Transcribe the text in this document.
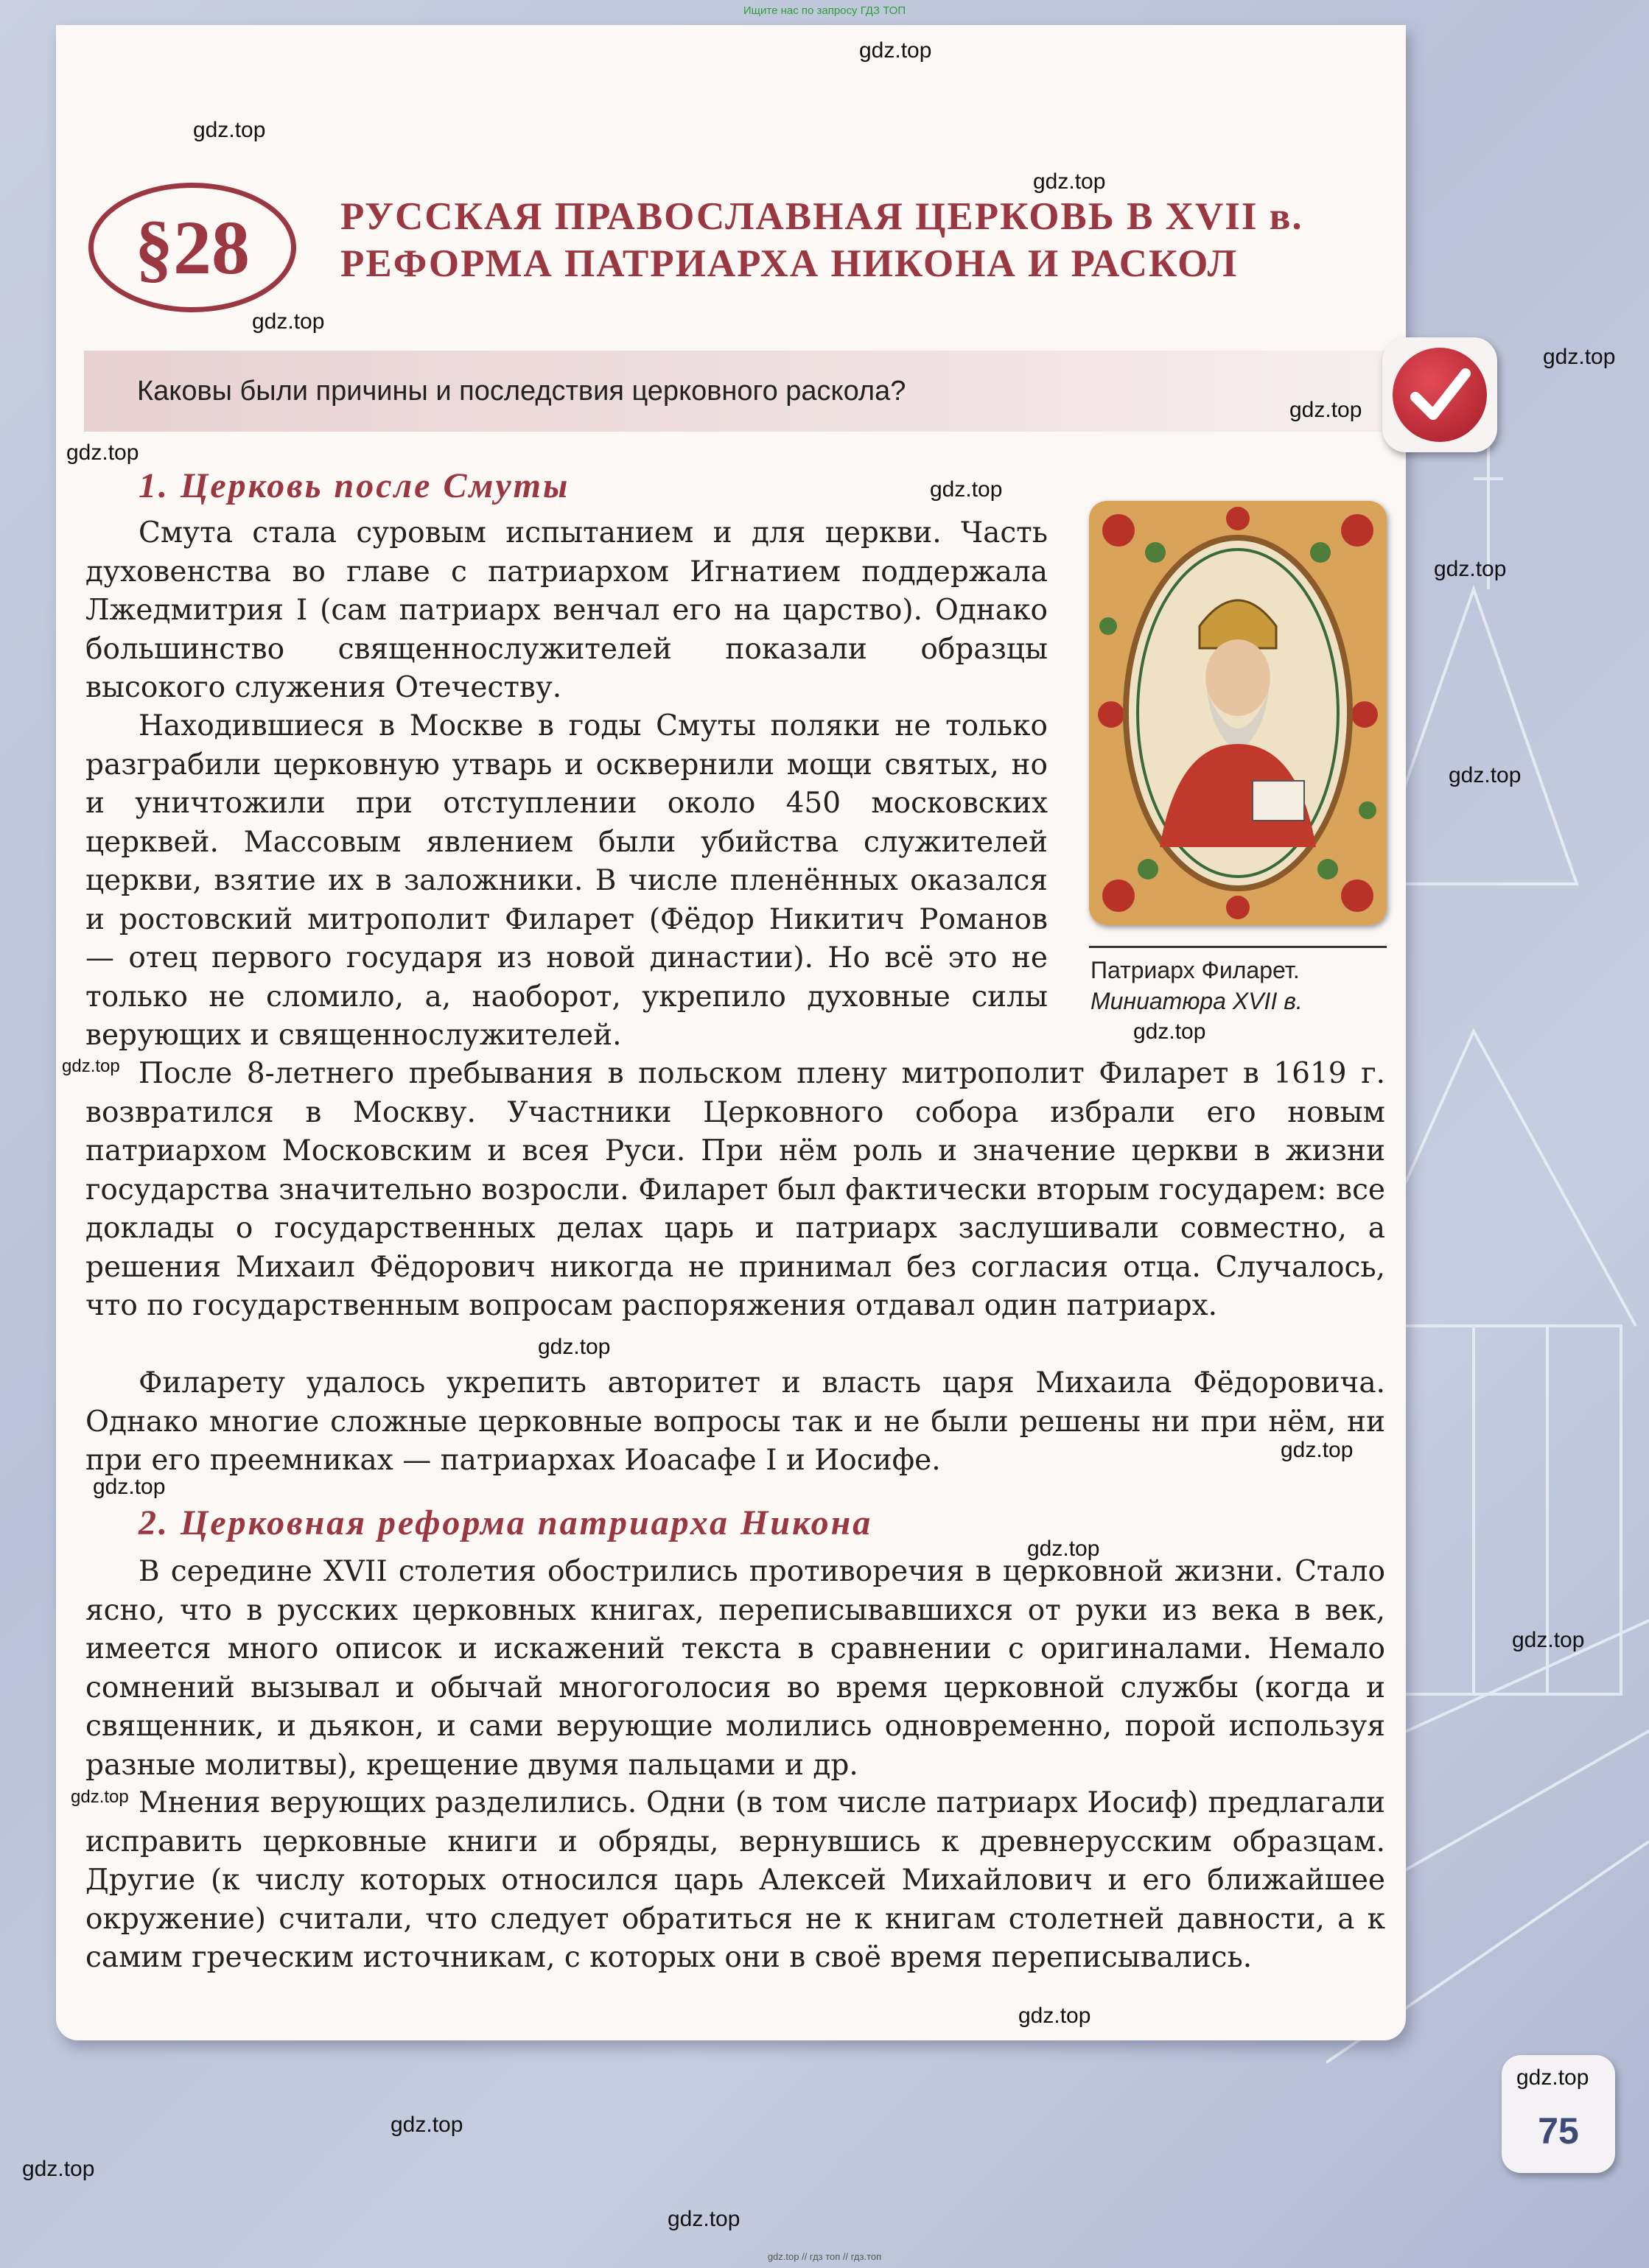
Ищите нас по запросу ГДЗ ТОП
§28	РУССКАЯ ПРАВОСЛАВНАЯ ЦЕРКОВЬ В XVII в.
РЕФОРМА ПАТРИАРХА НИКОНА И РАСКОЛ
Каковы были причины и последствия церковного раскола?
1. Церковь после Смуты

Смута стала суровым испытанием и для церкви. Часть духовенства во главе с патриархом Игнатием поддержала Лжедмитрия I (сам патриарх венчал его на царство). Однако большинство священнослужителей показали образцы высокого служения Отечеству.

Находившиеся в Москве в годы Смуты поляки не только разграбили церковную утварь и осквернили мощи святых, но и уничтожили при отступлении около 450 московских церквей. Массовым явлением были убийства служителей церкви, взятие их в заложники. В числе пленённых оказался и ростовский митрополит Филарет (Фёдор Никитич Романов — отец первого государя из новой династии). Но всё это не только не сломило, а, наоборот, укрепило духовные силы верующих и священнослужителей.

После 8-летнего пребывания в польском плену митрополит Филарет в 1619 г. возвратился в Москву. Участники Церковного собора избрали его новым патриархом Московским и всея Руси. При нём роль и значение церкви в жизни государства значительно возросли. Филарет был фактически вторым государем: все доклады о государственных делах царь и патриарх заслушивали совместно, а решения Михаил Фёдорович никогда не принимал без согласия отца. Случалось, что по государственным вопросам распоряжения отдавал один патриарх.

Филарету удалось укрепить авторитет и власть царя Михаила Фёдоровича. Однако многие сложные церковные вопросы так и не были решены ни при нём, ни при его преемниках — патриархах Иоасафе I и Иосифе.

2. Церковная реформа патриарха Никона

В середине XVII столетия обострились противоречия в церковной жизни. Стало ясно, что в русских церковных книгах, переписывавшихся от руки из века в век, имеется много описок и искажений текста в сравнении с оригиналами. Немало сомнений вызывал и обычай многоголосия во время церковной службы (когда и священник, и дьякон, и сами верующие молились одновременно, порой используя разные молитвы), крещение двумя пальцами и др.

Мнения верующих разделились. Одни (в том числе патриарх Иосиф) предлагали исправить церковные книги и обряды, вернувшись к древнерусским образцам. Другие (к числу которых относился царь Алексей Михайлович и его ближайшее окружение) считали, что следует обратиться не к книгам столетней давности, а к самим греческим источникам, с которых они в своё время переписывались.

Патриарх Филарет.
Миниатюра XVII в.
75
gdz.top
gdz.top
gdz.top
gdz.top
gdz.top
gdz.top
gdz.top
gdz.top
gdz.top
gdz.top
gdz.top
gdz.top
gdz.top
gdz.top
gdz.top
gdz.top
gdz.top
gdz.top
gdz.top
gdz.top
gdz.top
gdz.top
gdz.top
gdz.top // гдз топ // гдз.топ
